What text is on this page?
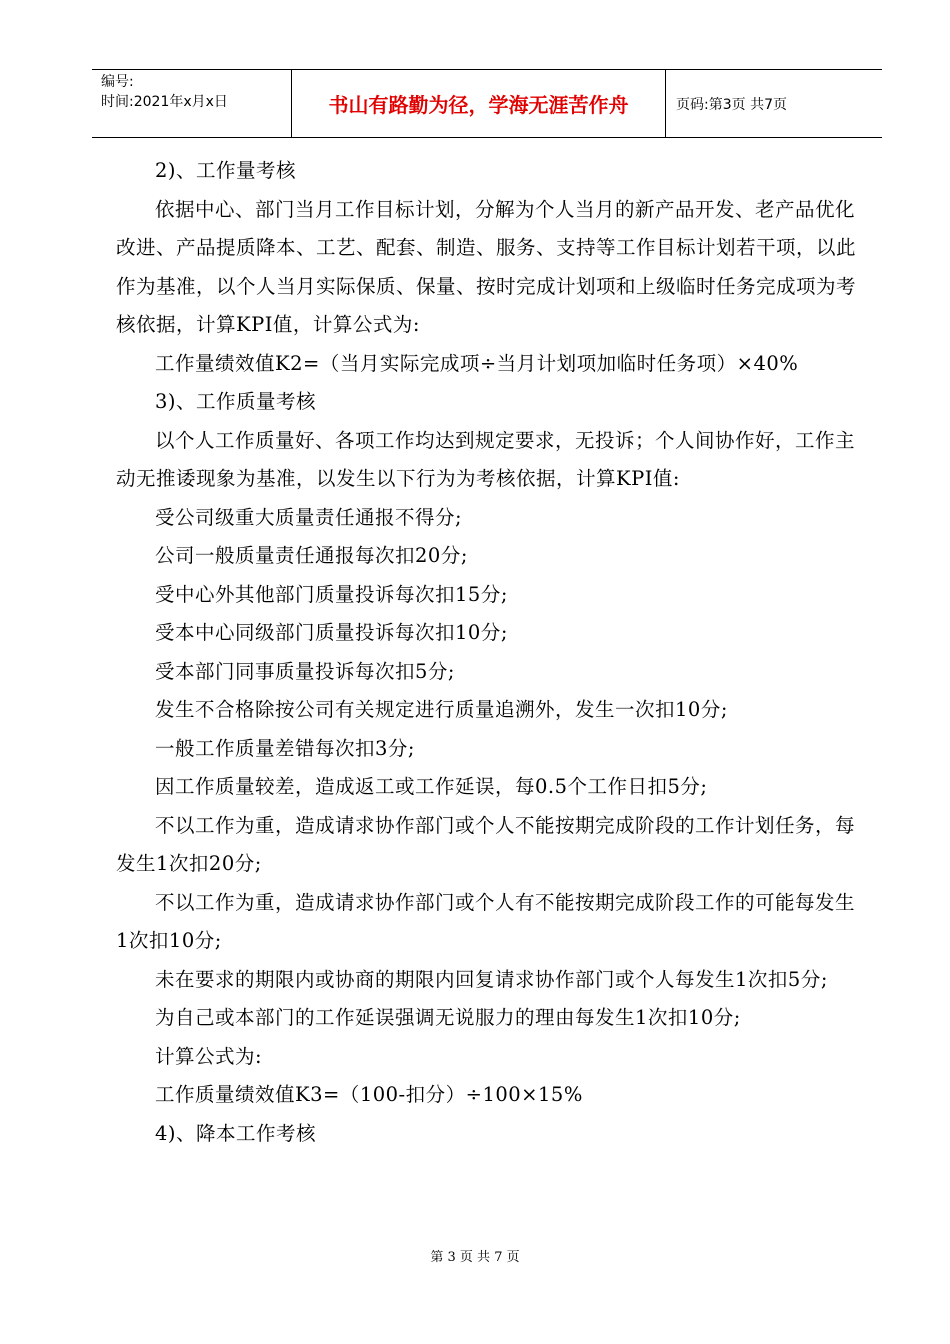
编号:
时间:2021年x月x日	书山有路勤为径，学海无涯苦作舟	页码:第3页 共7页

2)、工作量考核

依据中心、部门当月工作目标计划，分解为个人当月的新产品开发、老产品优化改进、产品提质降本、工艺、配套、制造、服务、支持等工作目标计划若干项，以此作为基准，以个人当月实际保质、保量、按时完成计划项和上级临时任务完成项为考核依据，计算KPI值，计算公式为:

工作量绩效值K2=（当月实际完成项÷当月计划项加临时任务项）×40%

3)、工作质量考核

以个人工作质量好、各项工作均达到规定要求，无投诉；个人间协作好，工作主动无推诿现象为基准，以发生以下行为为考核依据，计算KPI值:

受公司级重大质量责任通报不得分;

公司一般质量责任通报每次扣20分;

受中心外其他部门质量投诉每次扣15分;

受本中心同级部门质量投诉每次扣10分;

受本部门同事质量投诉每次扣5分;

发生不合格除按公司有关规定进行质量追溯外，发生一次扣10分;

一般工作质量差错每次扣3分;

因工作质量较差，造成返工或工作延误，每0.5个工作日扣5分;

不以工作为重，造成请求协作部门或个人不能按期完成阶段的工作计划任务，每发生1次扣20分;

不以工作为重，造成请求协作部门或个人有不能按期完成阶段工作的可能每发生1次扣10分;

未在要求的期限内或协商的期限内回复请求协作部门或个人每发生1次扣5分;

为自己或本部门的工作延误强调无说服力的理由每发生1次扣10分;

计算公式为:

工作质量绩效值K3=（100-扣分）÷100×15%

4)、降本工作考核

第 3 页 共 7 页
